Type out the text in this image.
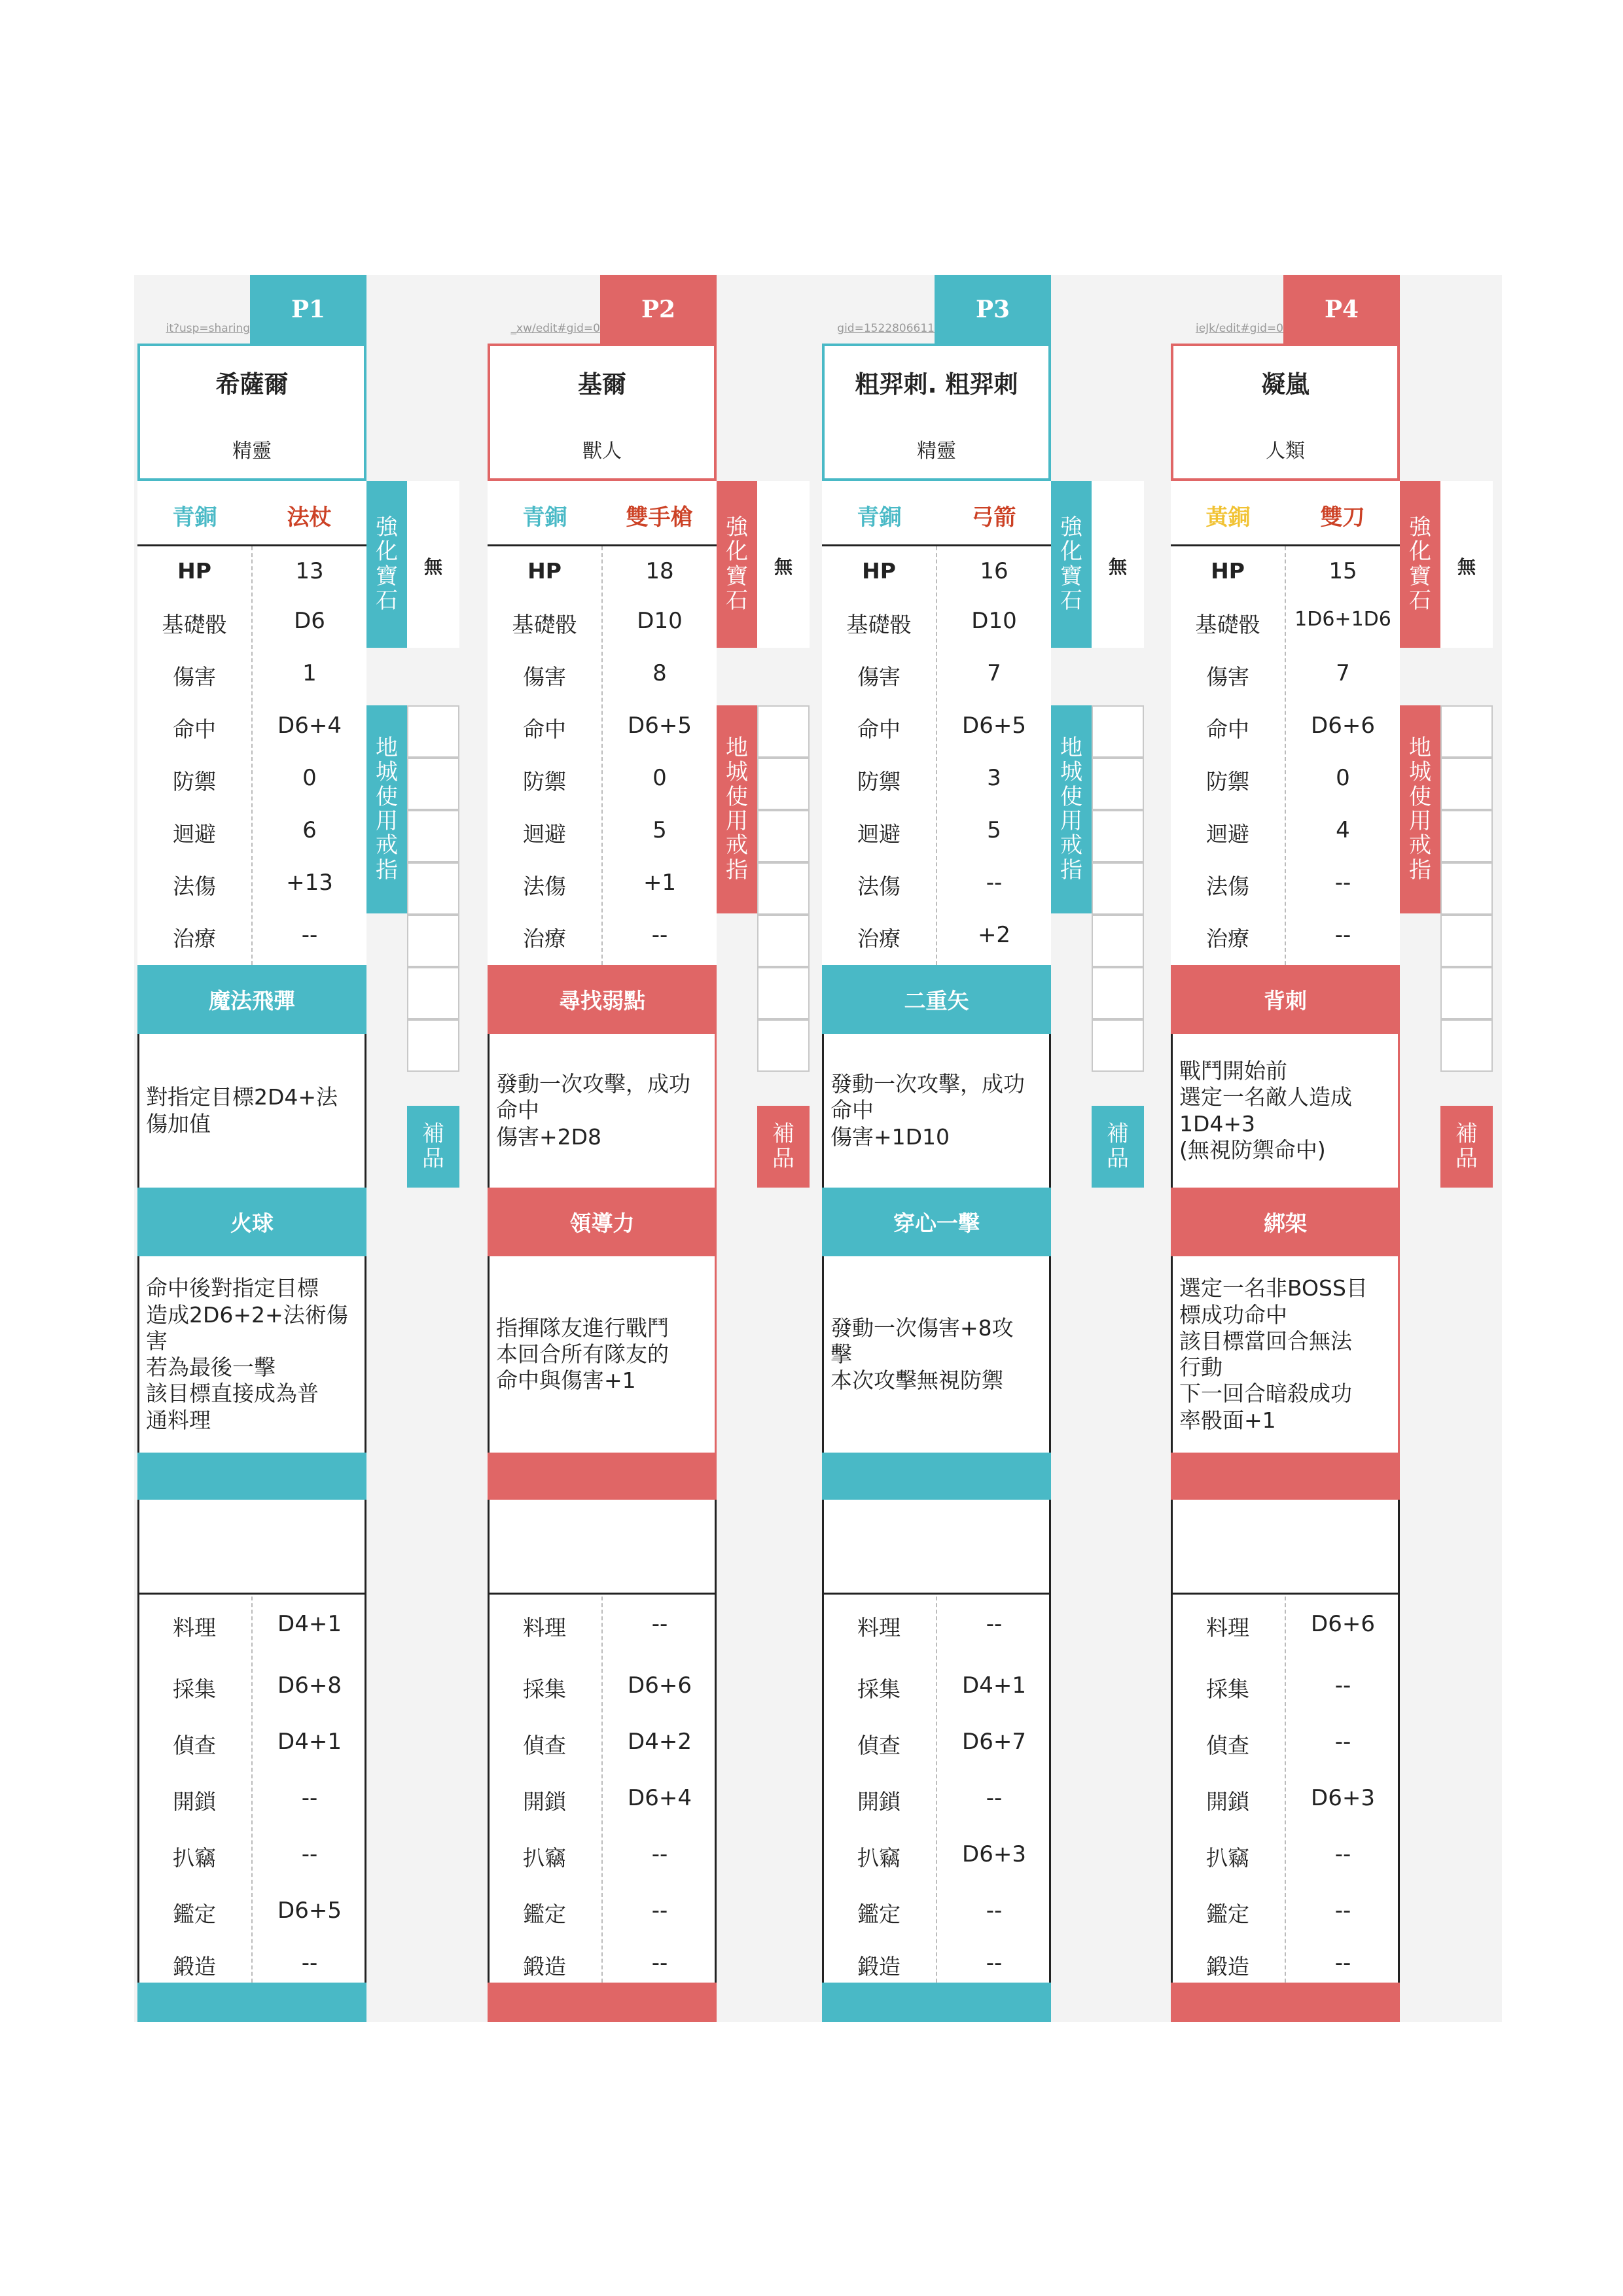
it?usp=sharing
P1
希薩爾
精靈
青銅	法杖
HP	13
基礎骰	D6
傷害	1
命中	D6+4
防禦	0
迴避	6
法傷	+13
治療	--
魔法飛彈
對指定目標2D4+法
傷加值
火球
命中後對指定目標
造成2D6+2+法術傷
害
若為最後一擊
該目標直接成為普
通料理
料理	D4+1
採集	D6+8
偵查	D4+1
開鎖	--
扒竊	--
鑑定	D6+5
鍛造	--
強
化
寶
石
無
地
城
使
用
戒
指
補
品
_xw/edit#gid=0
P2
基爾
獸人
青銅	雙手槍
HP	18
基礎骰	D10
傷害	8
命中	D6+5
防禦	0
迴避	5
法傷	+1
治療	--
尋找弱點
發動一次攻擊，成功
命中
傷害+2D8
領導力
指揮隊友進行戰鬥
本回合所有隊友的
命中與傷害+1
料理	--
採集	D6+6
偵查	D4+2
開鎖	D6+4
扒竊	--
鑑定	--
鍛造	--
強
化
寶
石
無
地
城
使
用
戒
指
補
品
gid=1522806611
P3
粗羿刺. 粗羿刺
精靈
青銅	弓箭
HP	16
基礎骰	D10
傷害	7
命中	D6+5
防禦	3
迴避	5
法傷	--
治療	+2
二重矢
發動一次攻擊，成功
命中
傷害+1D10
穿心一擊
發動一次傷害+8攻
擊
本次攻擊無視防禦
料理	--
採集	D4+1
偵查	D6+7
開鎖	--
扒竊	D6+3
鑑定	--
鍛造	--
強
化
寶
石
無
地
城
使
用
戒
指
補
品
ieJk/edit#gid=0
P4
凝嵐
人類
黃銅	雙刀
HP	15
基礎骰	1D6+1D6
傷害	7
命中	D6+6
防禦	0
迴避	4
法傷	--
治療	--
背刺
戰鬥開始前
選定一名敵人造成
1D4+3
(無視防禦命中)
綁架
選定一名非BOSS目
標成功命中
該目標當回合無法
行動
下一回合暗殺成功
率骰面+1
料理	D6+6
採集	--
偵查	--
開鎖	D6+3
扒竊	--
鑑定	--
鍛造	--
強
化
寶
石
無
地
城
使
用
戒
指
補
品
